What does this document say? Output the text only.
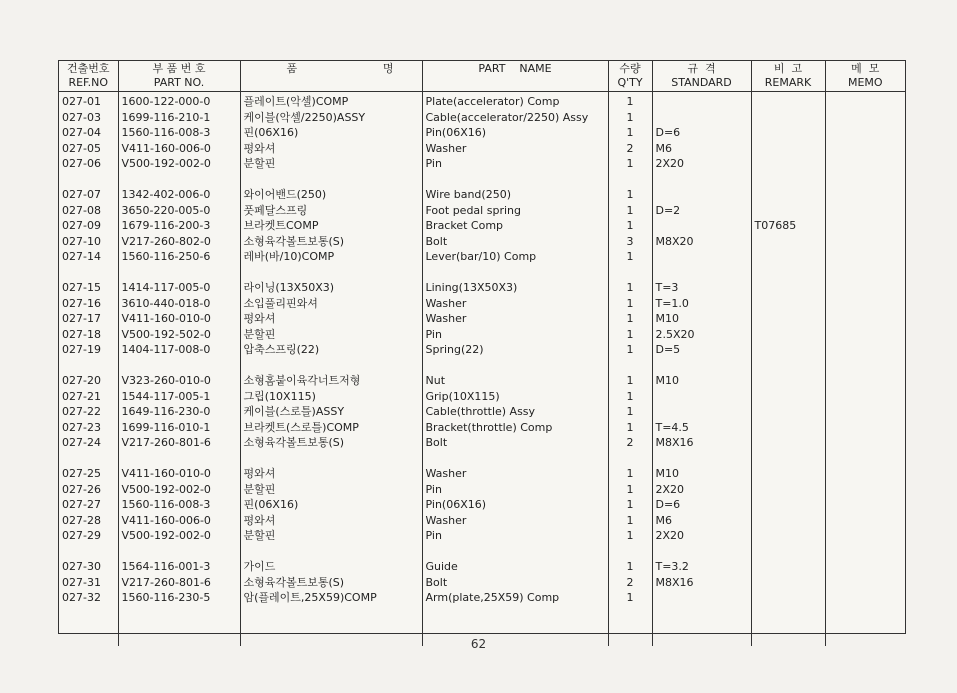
건출번호	부 품 번 호	품 명	PART    NAME	수량	규  격	비  고	메  모
REF.NO	PART NO.			Q'TY	STANDARD	REMARK	MEMO
027-01	1600-122-000-0	플레이트(악셀)COMP	Plate(accelerator) Comp	1			
027-03	1699-116-210-1	케이블(악셀/2250)ASSY	Cable(accelerator/2250) Assy	1			
027-04	1560-116-008-3	핀(06X16)	Pin(06X16)	1	D=6		
027-05	V411-160-006-0	평와셔	Washer	2	M6		
027-06	V500-192-002-0	분할핀	Pin	1	2X20		

027-07	1342-402-006-0	와이어밴드(250)	Wire band(250)	1			
027-08	3650-220-005-0	풋페달스프링	Foot pedal spring	1	D=2		
027-09	1679-116-200-3	브라켓트COMP	Bracket Comp	1		T07685	
027-10	V217-260-802-0	소형육각볼트보통(S)	Bolt	3	M8X20		
027-14	1560-116-250-6	레바(바/10)COMP	Lever(bar/10) Comp	1			

027-15	1414-117-005-0	라이닝(13X50X3)	Lining(13X50X3)	1	T=3		
027-16	3610-440-018-0	소입풀리핀와셔	Washer	1	T=1.0		
027-17	V411-160-010-0	평와셔	Washer	1	M10		
027-18	V500-192-502-0	분할핀	Pin	1	2.5X20		
027-19	1404-117-008-0	압축스프링(22)	Spring(22)	1	D=5		

027-20	V323-260-010-0	소형홈붙이육각너트저형	Nut	1	M10		
027-21	1544-117-005-1	그립(10X115)	Grip(10X115)	1			
027-22	1649-116-230-0	케이블(스로틀)ASSY	Cable(throttle) Assy	1			
027-23	1699-116-010-1	브라켓트(스로틀)COMP	Bracket(throttle) Comp	1	T=4.5		
027-24	V217-260-801-6	소형육각볼트보통(S)	Bolt	2	M8X16		

027-25	V411-160-010-0	평와셔	Washer	1	M10		
027-26	V500-192-002-0	분할핀	Pin	1	2X20		
027-27	1560-116-008-3	핀(06X16)	Pin(06X16)	1	D=6		
027-28	V411-160-006-0	평와셔	Washer	1	M6		
027-29	V500-192-002-0	분할핀	Pin	1	2X20		

027-30	1564-116-001-3	가이드	Guide	1	T=3.2		
027-31	V217-260-801-6	소형육각볼트보통(S)	Bolt	2	M8X16		
027-32	1560-116-230-5	암(플레이트,25X59)COMP	Arm(plate,25X59) Comp	1			

62
